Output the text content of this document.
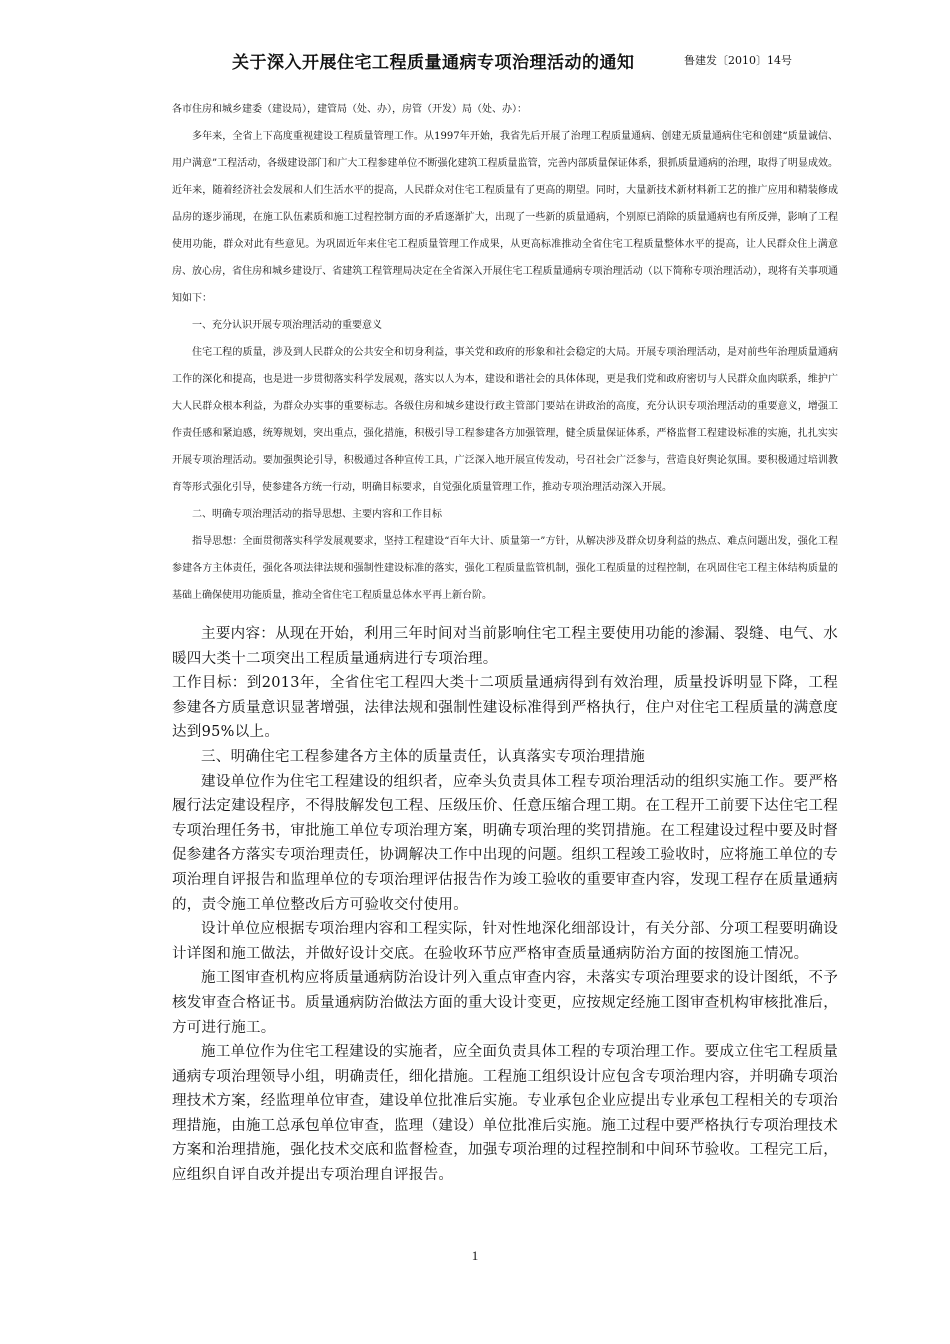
关于深入开展住宅工程质量通病专项治理活动的通知	鲁建发〔2010〕14号

各市住房和城乡建委（建设局），建管局（处、办），房管（开发）局（处、办）：

多年来，全省上下高度重视建设工程质量管理工作。从1997年开始，我省先后开展了治理工程质量通病、创建无质量通病住宅和创建“质量诚信、用户满意”工程活动，各级建设部门和广大工程参建单位不断强化建筑工程质量监管，完善内部质量保证体系，狠抓质量通病的治理，取得了明显成效。近年来，随着经济社会发展和人们生活水平的提高，人民群众对住宅工程质量有了更高的期望。同时，大量新技术新材料新工艺的推广应用和精装修成品房的逐步涌现，在施工队伍素质和施工过程控制方面的矛盾逐渐扩大，出现了一些新的质量通病，个别原已消除的质量通病也有所反弹，影响了工程使用功能，群众对此有些意见。为巩固近年来住宅工程质量管理工作成果，从更高标准推动全省住宅工程质量整体水平的提高，让人民群众住上满意房、放心房，省住房和城乡建设厅、省建筑工程管理局决定在全省深入开展住宅工程质量通病专项治理活动（以下简称专项治理活动），现将有关事项通知如下：

一、充分认识开展专项治理活动的重要意义

住宅工程的质量，涉及到人民群众的公共安全和切身利益，事关党和政府的形象和社会稳定的大局。开展专项治理活动，是对前些年治理质量通病工作的深化和提高，也是进一步贯彻落实科学发展观，落实以人为本，建设和谐社会的具体体现，更是我们党和政府密切与人民群众血肉联系，维护广大人民群众根本利益，为群众办实事的重要标志。各级住房和城乡建设行政主管部门要站在讲政治的高度，充分认识专项治理活动的重要意义，增强工作责任感和紧迫感，统筹规划，突出重点，强化措施，积极引导工程参建各方加强管理，健全质量保证体系，严格监督工程建设标准的实施，扎扎实实开展专项治理活动。要加强舆论引导，积极通过各种宣传工具，广泛深入地开展宣传发动，号召社会广泛参与，营造良好舆论氛围。要积极通过培训教育等形式强化引导，使参建各方统一行动，明确目标要求，自觉强化质量管理工作，推动专项治理活动深入开展。

二、明确专项治理活动的指导思想、主要内容和工作目标

指导思想：全面贯彻落实科学发展观要求，坚持工程建设“百年大计、质量第一”方针，从解决涉及群众切身利益的热点、难点问题出发，强化工程参建各方主体责任，强化各项法律法规和强制性建设标准的落实，强化工程质量监管机制，强化工程质量的过程控制，在巩固住宅工程主体结构质量的基础上确保使用功能质量，推动全省住宅工程质量总体水平再上新台阶。

主要内容：从现在开始，利用三年时间对当前影响住宅工程主要使用功能的渗漏、裂缝、电气、水暖四大类十二项突出工程质量通病进行专项治理。

工作目标：到2013年，全省住宅工程四大类十二项质量通病得到有效治理，质量投诉明显下降，工程参建各方质量意识显著增强，法律法规和强制性建设标准得到严格执行，住户对住宅工程质量的满意度达到95%以上。

三、明确住宅工程参建各方主体的质量责任，认真落实专项治理措施

建设单位作为住宅工程建设的组织者，应牵头负责具体工程专项治理活动的组织实施工作。要严格履行法定建设程序，不得肢解发包工程、压级压价、任意压缩合理工期。在工程开工前要下达住宅工程专项治理任务书，审批施工单位专项治理方案，明确专项治理的奖罚措施。在工程建设过程中要及时督促参建各方落实专项治理责任，协调解决工作中出现的问题。组织工程竣工验收时，应将施工单位的专项治理自评报告和监理单位的专项治理评估报告作为竣工验收的重要审查内容，发现工程存在质量通病的，责令施工单位整改后方可验收交付使用。

设计单位应根据专项治理内容和工程实际，针对性地深化细部设计，有关分部、分项工程要明确设计详图和施工做法，并做好设计交底。在验收环节应严格审查质量通病防治方面的按图施工情况。

施工图审查机构应将质量通病防治设计列入重点审查内容，未落实专项治理要求的设计图纸，不予核发审查合格证书。质量通病防治做法方面的重大设计变更，应按规定经施工图审查机构审核批准后，方可进行施工。

施工单位作为住宅工程建设的实施者，应全面负责具体工程的专项治理工作。要成立住宅工程质量通病专项治理领导小组，明确责任，细化措施。工程施工组织设计应包含专项治理内容，并明确专项治理技术方案，经监理单位审查，建设单位批准后实施。专业承包企业应提出专业承包工程相关的专项治理措施，由施工总承包单位审查，监理（建设）单位批准后实施。施工过程中要严格执行专项治理技术方案和治理措施，强化技术交底和监督检查，加强专项治理的过程控制和中间环节验收。工程完工后，应组织自评自改并提出专项治理自评报告。

1
